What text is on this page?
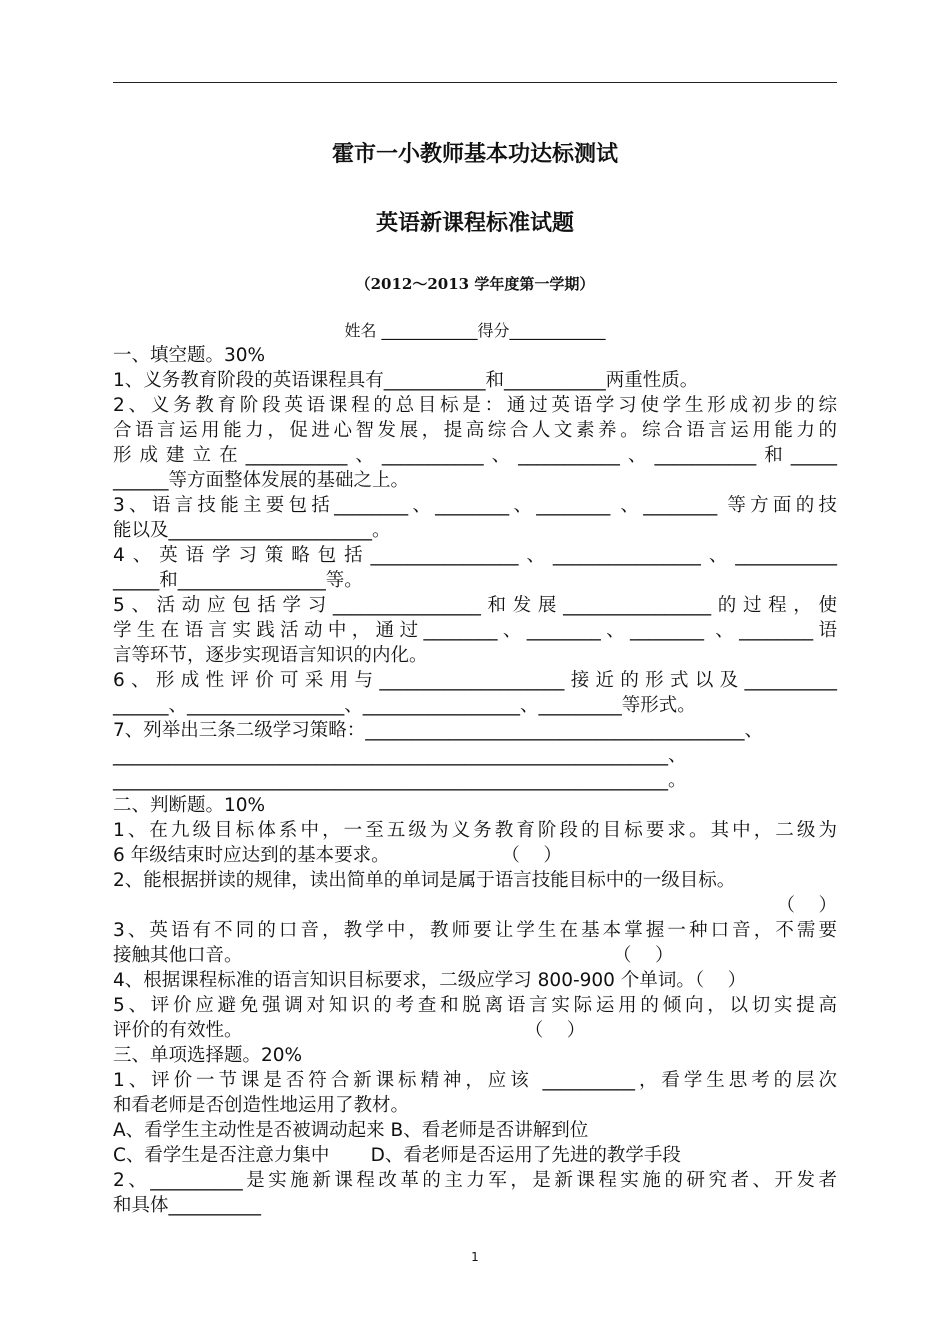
霍市一小教师基本功达标测试
英语新课程标准试题
（2012～2013 学年度第一学期）
姓名 ____________得分____________
一、填空题。30%
1、义务教育阶段的英语课程具有___________和___________两重性质。
2、义务教育阶段英语课程的总目标是：通过英语学习使学生形成初步的综
合语言运用能力，促进心智发展，提高综合人文素养。综合语言运用能力的
形成建立在___________、___________、___________、___________和_____
______等方面整体发展的基础之上。
3、语言技能主要包括________、________、________ 、________ 等方面的技
能以及______________________。
4、英语学习策略包括________________、________________、___________
_____和________________等。
5、活动应包括学习________________和发展________________的过程，使
学生在语言实践活动中，通过________、________、________ 、________语
言等环节，逐步实现语言知识的内化。
6、形成性评价可采用与____________________接近的形式以及__________
______、_________________、_________________、_________等形式。
7、列举出三条二级学习策略：_________________________________________、
____________________________________________________________、
____________________________________________________________。
二、判断题。10%
1、在九级目标体系中，一至五级为义务教育阶段的目标要求。其中，二级为
6 年级结束时应达到的基本要求。                   （    ）
2、能根据拼读的规律，读出简单的单词是属于语言技能目标中的一级目标。
（    ）
3、英语有不同的口音，教学中，教师要让学生在基本掌握一种口音，不需要
接触其他口音。                                                               （    ）
4、根据课程标准的语言知识目标要求，二级应学习 800-900 个单词。（    ）
5、评价应避免强调对知识的考查和脱离语言实际运用的倾向，以切实提高
评价的有效性。                                                （    ）
三、单项选择题。20%
1、评价一节课是否符合新课标精神，应该 __________，看学生思考的层次
和看老师是否创造性地运用了教材。
A、看学生主动性是否被调动起来 B、看老师是否讲解到位
C、看学生是否注意力集中       D、看老师是否运用了先进的教学手段
2、__________是实施新课程改革的主力军，是新课程实施的研究者、开发者
和具体__________
1
